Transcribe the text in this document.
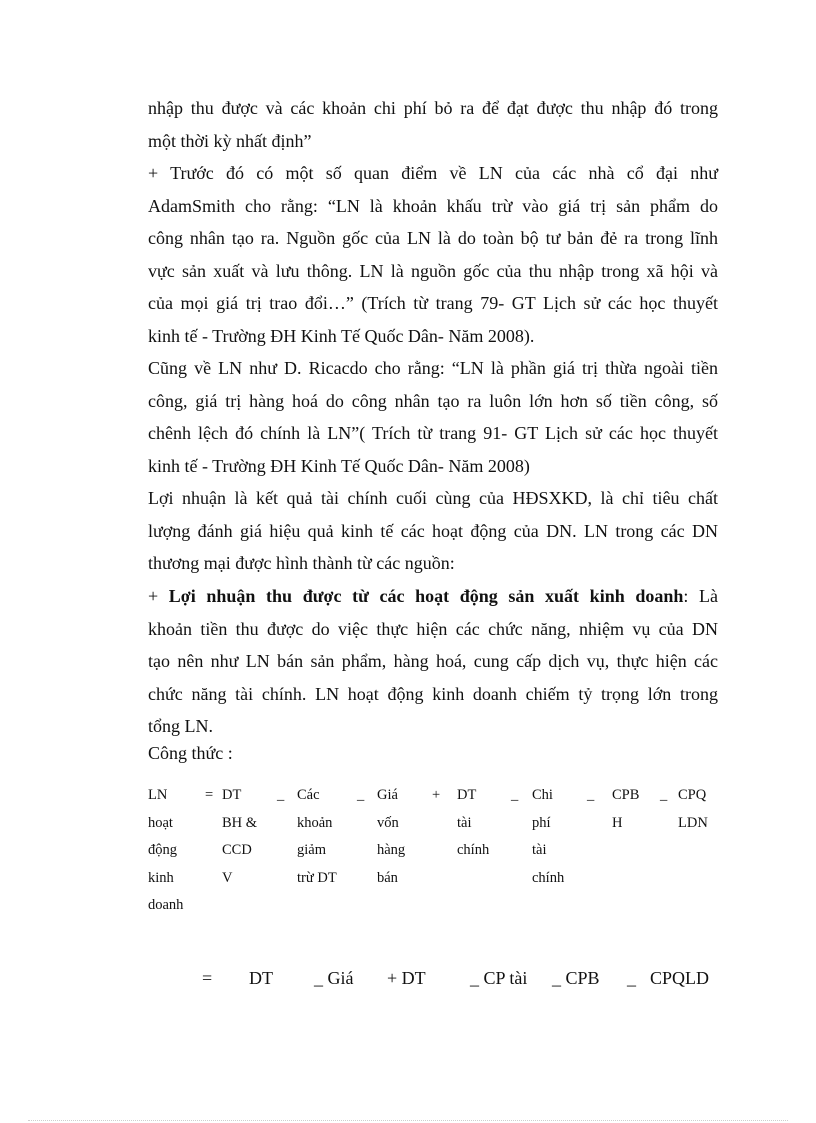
nhập thu được và các khoản chi phí bỏ ra để đạt được thu nhập đó trong
một thời kỳ nhất định”
+ Trước đó có một số quan điểm về LN của các nhà cổ đại như
AdamSmith cho rằng: “LN là khoản khấu trừ vào giá trị sản phẩm do
công nhân tạo ra. Nguồn gốc của LN là do toàn bộ tư bản đẻ ra trong lĩnh
vực sản xuất và lưu thông. LN là nguồn gốc của thu nhập trong xã hội và
của mọi giá trị trao đổi…” (Trích từ trang 79- GT Lịch sử các học thuyết
kinh tế - Trường ĐH Kinh Tế Quốc Dân- Năm 2008).
Cũng về LN như D. Ricacdo cho rằng: “LN là phần giá trị thừa ngoài tiền
công, giá trị hàng hoá do công nhân tạo ra luôn lớn hơn số tiền công, số
chênh lệch đó chính là LN”( Trích từ trang 91- GT Lịch sử các học thuyết
kinh tế - Trường ĐH Kinh Tế Quốc Dân- Năm 2008)
Lợi nhuận là kết quả tài chính cuối cùng của HĐSXKD, là chỉ tiêu chất
lượng đánh giá hiệu quả kinh tế các hoạt động của DN. LN trong các DN
thương mại được hình thành từ các nguồn:
+ Lợi nhuận thu được từ các hoạt động sản xuất kinh doanh: Là
khoản tiền thu được do việc thực hiện các chức năng, nhiệm vụ của DN
tạo nên như LN bán sản phẩm, hàng hoá, cung cấp dịch vụ, thực hiện các
chức năng tài chính. LN hoạt động kinh doanh chiếm tỷ trọng lớn trong
tổng LN.
Công thức :
LN
hoạt
động
kinh
doanh
= DT
BH &
CCD
V
_ Các
khoản
giảm
trừ DT
_ Giá
vốn
hàng
bán
+ DT
tài
chính
_ Chi
phí
tài
chính
_ CPB
H
_ CPQ
LDN
= DT _ Giá + DT _ CP tài _ CPB _ CPQLD
